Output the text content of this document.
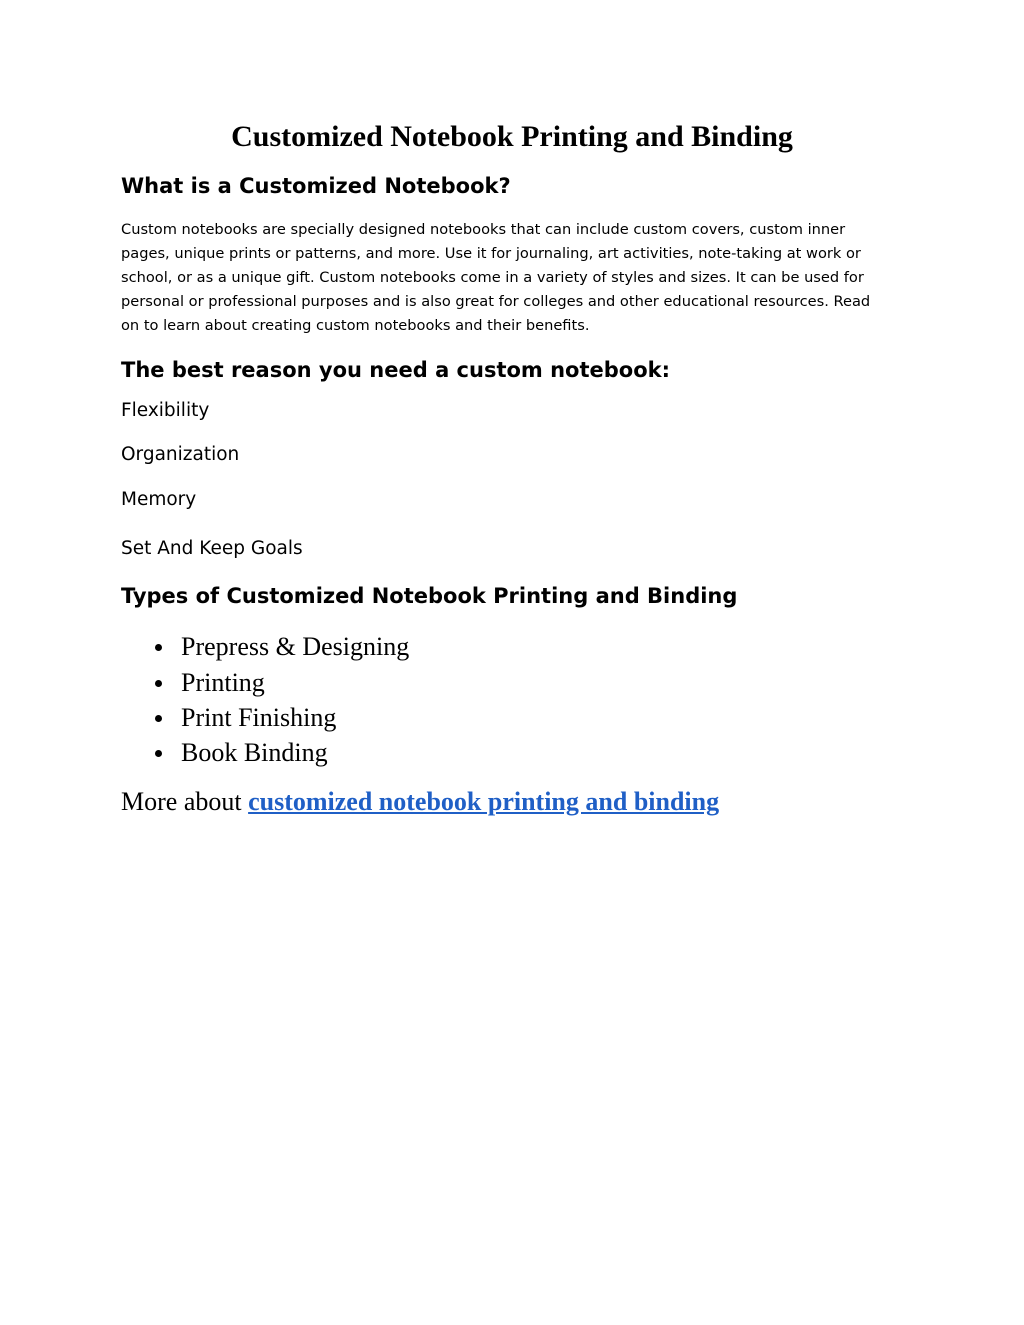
Customized Notebook Printing and Binding
What is a Customized Notebook?

Custom notebooks are specially designed notebooks that can include custom covers, custom inner pages, unique prints or patterns, and more. Use it for journaling, art activities, note-taking at work or school, or as a unique gift. Custom notebooks come in a variety of styles and sizes. It can be used for personal or professional purposes and is also great for colleges and other educational resources. Read on to learn about creating custom notebooks and their benefits.

The best reason you need a custom notebook:

Flexibility

Organization

Memory

Set And Keep Goals

Types of Customized Notebook Printing and Binding
Prepress & Designing
Printing
Print Finishing
Book Binding

More about customized notebook printing and binding
